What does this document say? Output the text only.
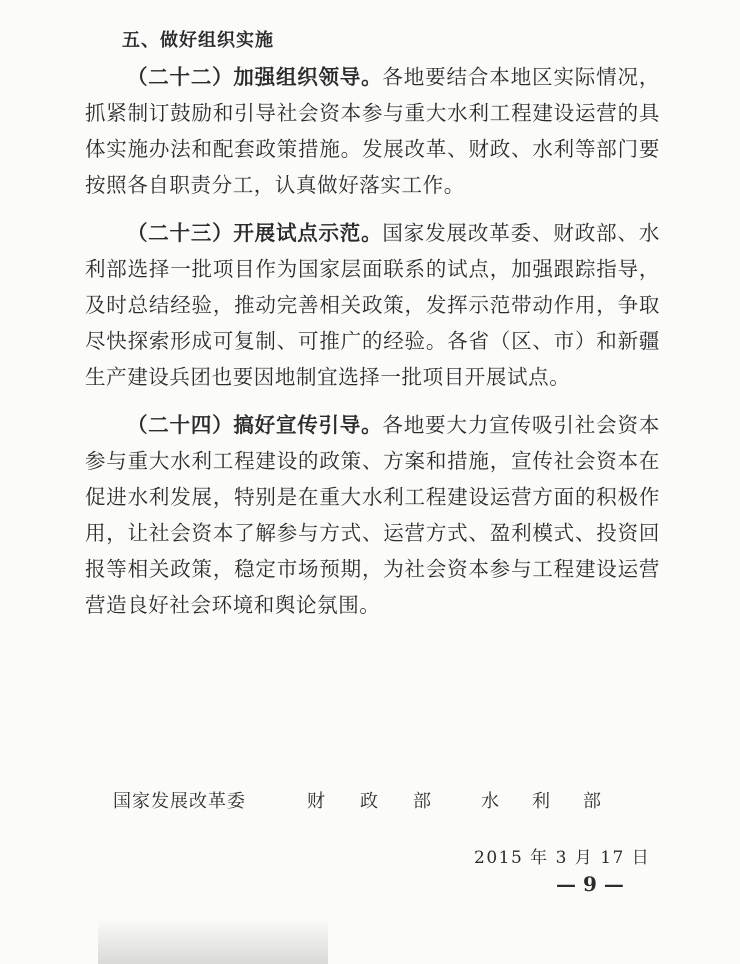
五、做好组织实施

（二十二）加强组织领导。各地要结合本地区实际情况，抓紧制订鼓励和引导社会资本参与重大水利工程建设运营的具体实施办法和配套政策措施。发展改革、财政、水利等部门要按照各自职责分工，认真做好落实工作。

（二十三）开展试点示范。国家发展改革委、财政部、水利部选择一批项目作为国家层面联系的试点，加强跟踪指导，及时总结经验，推动完善相关政策，发挥示范带动作用，争取尽快探索形成可复制、可推广的经验。各省（区、市）和新疆生产建设兵团也要因地制宜选择一批项目开展试点。

（二十四）搞好宣传引导。各地要大力宣传吸引社会资本参与重大水利工程建设的政策、方案和措施，宣传社会资本在促进水利发展，特别是在重大水利工程建设运营方面的积极作用，让社会资本了解参与方式、运营方式、盈利模式、投资回报等相关政策，稳定市场预期，为社会资本参与工程建设运营营造良好社会环境和舆论氛围。

国家发展改革委	财政部 水利部
2015 年 3 月 17 日
— 9 —
